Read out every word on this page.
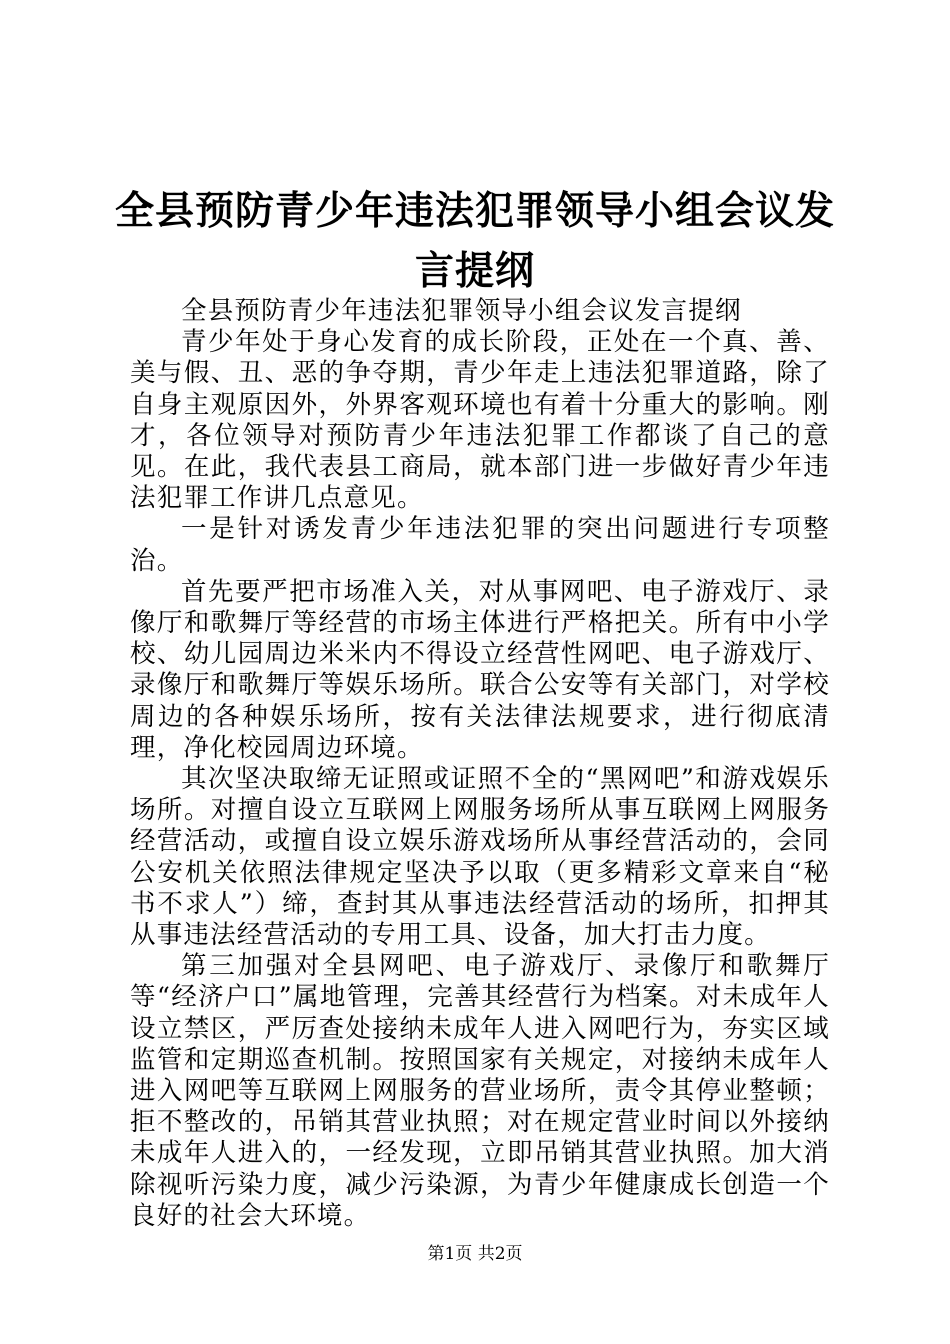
全县预防青少年违法犯罪领导小组会议发言提纲

全县预防青少年违法犯罪领导小组会议发言提纲

青少年处于身心发育的成长阶段，正处在一个真、善、美与假、丑、恶的争夺期，青少年走上违法犯罪道路，除了自身主观原因外，外界客观环境也有着十分重大的影响。刚才，各位领导对预防青少年违法犯罪工作都谈了自己的意见。在此，我代表县工商局，就本部门进一步做好青少年违法犯罪工作讲几点意见。

一是针对诱发青少年违法犯罪的突出问题进行专项整治。

首先要严把市场准入关，对从事网吧、电子游戏厅、录像厅和歌舞厅等经营的市场主体进行严格把关。所有中小学校、幼儿园周边米米内不得设立经营性网吧、电子游戏厅、录像厅和歌舞厅等娱乐场所。联合公安等有关部门，对学校周边的各种娱乐场所，按有关法律法规要求，进行彻底清理，净化校园周边环境。

其次坚决取缔无证照或证照不全的“黑网吧”和游戏娱乐场所。对擅自设立互联网上网服务场所从事互联网上网服务经营活动，或擅自设立娱乐游戏场所从事经营活动的，会同公安机关依照法律规定坚决予以取（更多精彩文章来自“秘书不求人”）缔，查封其从事违法经营活动的场所，扣押其从事违法经营活动的专用工具、设备，加大打击力度。

第三加强对全县网吧、电子游戏厅、录像厅和歌舞厅等“经济户口”属地管理，完善其经营行为档案。对未成年人设立禁区，严厉查处接纳未成年人进入网吧行为，夯实区域监管和定期巡查机制。按照国家有关规定，对接纳未成年人进入网吧等互联网上网服务的营业场所，责令其停业整顿；拒不整改的，吊销其营业执照；对在规定营业时间以外接纳未成年人进入的，一经发现，立即吊销其营业执照。加大消除视听污染力度，减少污染源，为青少年健康成长创造一个良好的社会大环境。

第1页 共2页
